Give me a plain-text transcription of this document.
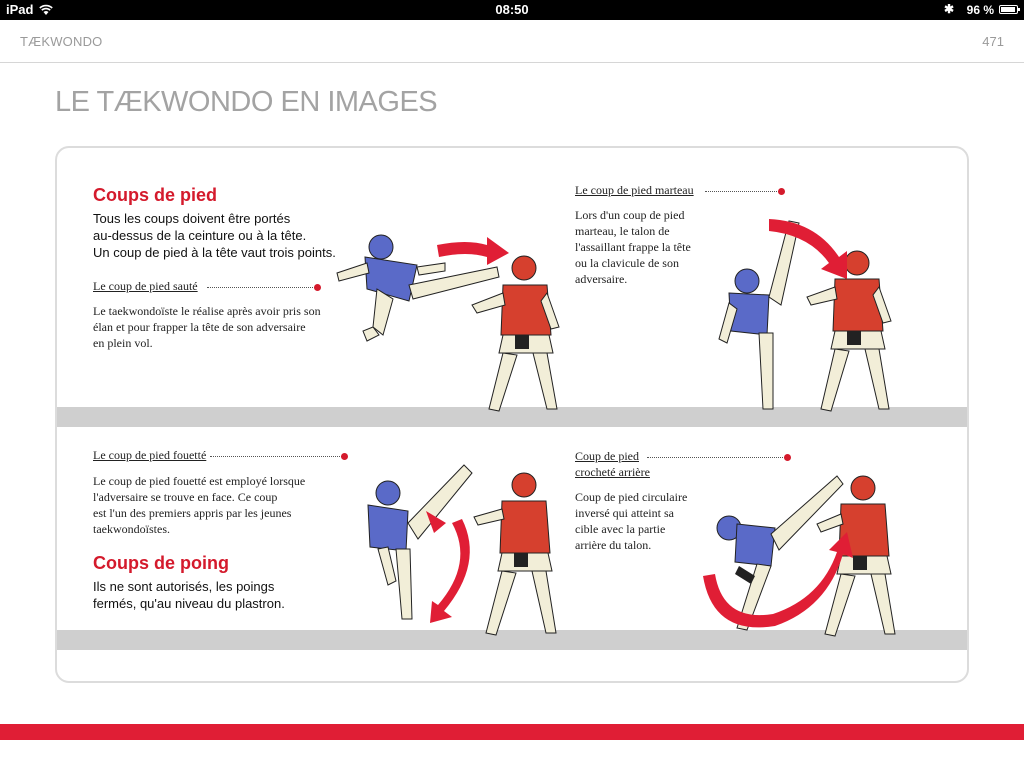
iPad	08:50	✱ 96 %
TÆKWONDO	471
LE TÆKWONDO EN IMAGES
Coups de pied
Tous les coups doivent être portés
au-dessus de la ceinture ou à la tête.
Un coup de pied à la tête vaut trois points.
Le coup de pied sauté
Le taekwondoïste le réalise après avoir pris son
élan et pour frapper la tête de son adversaire
en plein vol.
Le coup de pied marteau
Lors d'un coup de pied
marteau, le talon de
l'assaillant frappe la tête
ou la clavicule de son
adversaire.
Le coup de pied fouetté
Le coup de pied fouetté est employé lorsque
l'adversaire se trouve en face. Ce coup
est l'un des premiers appris par les jeunes
taekwondoïstes.
Coups de poing
Ils ne sont autorisés, les poings
fermés, qu'au niveau du plastron.
Coup de pied
crocheté arrière
Coup de pied circulaire
inversé qui atteint sa
cible avec la partie
arrière du talon.
